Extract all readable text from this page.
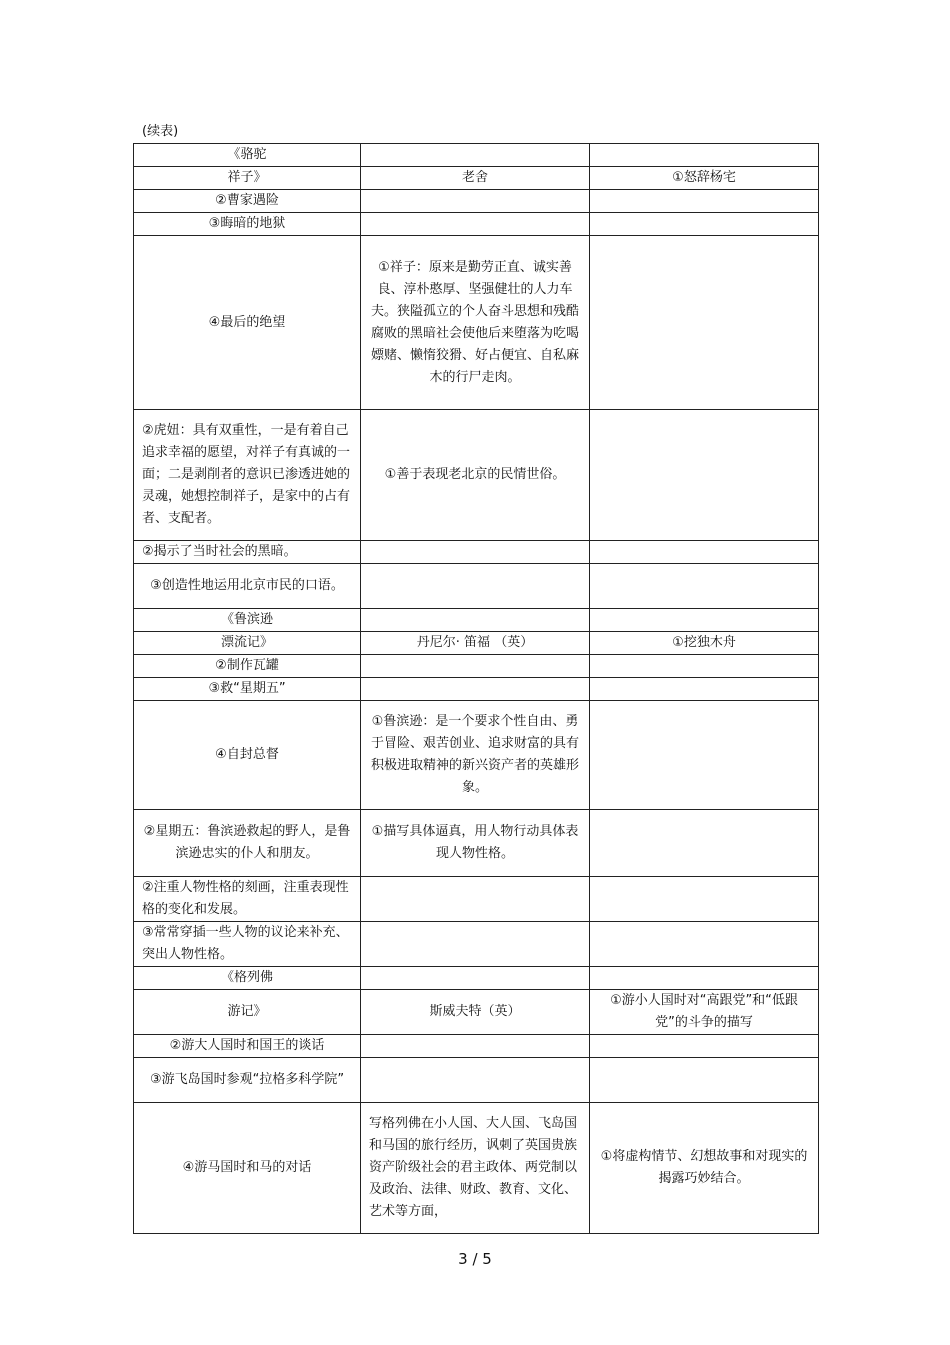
(续表)
《骆驼		
祥子》	老舍	①怒辞杨宅
②曹家遇险		
③晦暗的地狱		
④最后的绝望	①祥子：原来是勤劳正直、诚实善良、淳朴憨厚、坚强健壮的人力车夫。狭隘孤立的个人奋斗思想和残酷腐败的黑暗社会使他后来堕落为吃喝嫖赌、懒惰狡猾、好占便宜、自私麻木的行尸走肉。	
②虎妞：具有双重性，一是有着自己追求幸福的愿望，对祥子有真诚的一面；二是剥削者的意识已渗透进她的灵魂，她想控制祥子，是家中的占有者、支配者。	①善于表现老北京的民情世俗。	
②揭示了当时社会的黑暗。		
③创造性地运用北京市民的口语。		
《鲁滨逊		
漂流记》	丹尼尔· 笛福 （英）	①挖独木舟
②制作瓦罐		
③救“星期五”		
④自封总督	①鲁滨逊：是一个要求个性自由、勇于冒险、艰苦创业、追求财富的具有积极进取精神的新兴资产者的英雄形象。	
②星期五：鲁滨逊救起的野人，是鲁滨逊忠实的仆人和朋友。	①描写具体逼真，用人物行动具体表现人物性格。	
②注重人物性格的刻画，注重表现性格的变化和发展。		
③常常穿插一些人物的议论来补充、突出人物性格。		
《格列佛		
游记》	斯威夫特（英）	①游小人国时对“高跟党”和“低跟党”的斗争的描写
②游大人国时和国王的谈话		
③游飞岛国时参观“拉格多科学院”		
④游马国时和马的对话	写格列佛在小人国、大人国、飞岛国和马国的旅行经历，讽刺了英国贵族资产阶级社会的君主政体、两党制以及政治、法律、财政、教育、文化、艺术等方面，	①将虚构情节、幻想故事和对现实的揭露巧妙结合。
3 / 5
